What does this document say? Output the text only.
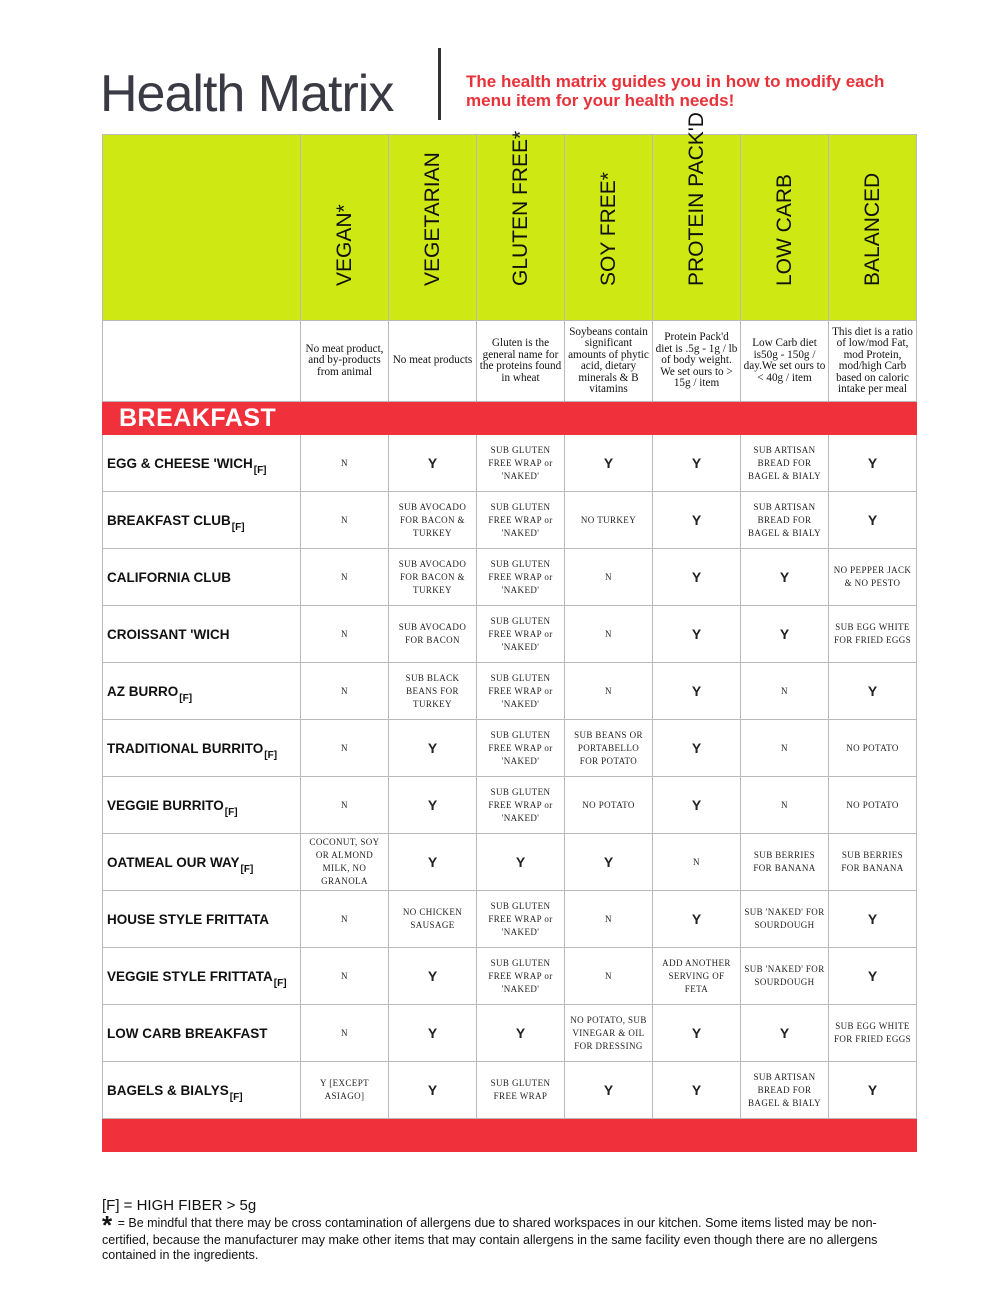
Health Matrix	The health matrix guides you in how to modify each menu item for your health needs!

	VEGAN*	VEGETARIAN	GLUTEN FREE*	SOY FREE*	PROTEIN PACK'D	LOW CARB	BALANCED

	No meat product, and by-products from animal	No meat products	Gluten is the general name for the proteins found in wheat	Soybeans contain significant amounts of phytic acid, dietary minerals & B vitamins	Protein Pack'd diet is .5g - 1g / lb of body weight. We set ours to > 15g / item	Low Carb diet is50g - 150g / day.We set ours to < 40g / item	This diet is a ratio of low/mod Fat, mod Protein, mod/high Carb based on caloric intake per meal
BREAKFAST							
EGG & CHEESE '$WICH_{[F]}$	N	Y	SUB GLUTEN FREE WRAP or 'NAKED'	Y	Y	SUB ARTISAN BREAD FOR BAGEL & BIALY	Y
BREAKFAST $CLUB_{[F]}$	N	SUB AVOCADO FOR BACON & TURKEY	SUB GLUTEN FREE WRAP or 'NAKED'	NO TURKEY	Y	SUB ARTISAN BREAD FOR BAGEL & BIALY	Y
CALIFORNIA CLUB	N	SUB AVOCADO FOR BACON & TURKEY	SUB GLUTEN FREE WRAP or 'NAKED'	N	Y	Y	NO PEPPER JACK & NO PESTO
CROISSANT 'WICH	N	SUB AVOCADO FOR BACON	SUB GLUTEN FREE WRAP or 'NAKED'	N	Y	Y	SUB EGG WHITE FOR FRIED EGGS
AZ $BURRO_{[F]}$	N	SUB BLACK BEANS FOR TURKEY	SUB GLUTEN FREE WRAP or 'NAKED'	N	Y	N	Y
TRADITIONAL $BURRITO_{[F]}$	N	Y	SUB GLUTEN FREE WRAP or 'NAKED'	SUB BEANS OR PORTABELLO FOR POTATO	Y	N	NO POTATO
VEGGIE $BURRITO_{[F]}$	N	Y	SUB GLUTEN FREE WRAP or 'NAKED'	NO POTATO	Y	N	NO POTATO
OATMEAL OUR $WAY_{[F]}$	COCONUT, SOY OR ALMOND MILK, NO GRANOLA	Y	Y	Y	N	SUB BERRIES FOR BANANA	SUB BERRIES FOR BANANA
HOUSE STYLE FRITTATA	N	NO CHICKEN SAUSAGE	SUB GLUTEN FREE WRAP or 'NAKED'	N	Y	SUB 'NAKED' FOR SOURDOUGH	Y
VEGGIE STYLE $FRITTATA_{[F]}$	N	Y	SUB GLUTEN FREE WRAP or 'NAKED'	N	ADD ANOTHER SERVING OF FETA	SUB 'NAKED' FOR SOURDOUGH	Y
LOW CARB BREAKFAST	N	Y	Y	NO POTATO, SUB VINEGAR & OIL FOR DRESSING	Y	Y	SUB EGG WHITE FOR FRIED EGGS
BAGELS & $BIALYS_{[F]}$	Y [EXCEPT ASIAGO]	Y	SUB GLUTEN FREE WRAP	Y	Y	SUB ARTISAN BREAD FOR BAGEL & BIALY	Y

[F] = HIGH FIBER > 5g
* = Be mindful that there may be cross contamination of allergens due to shared workspaces in our kitchen. Some items listed may be non-certified, because the manufacturer may make other items that may contain allergens in the same facility even though there are no allergens contained in the ingredients.
